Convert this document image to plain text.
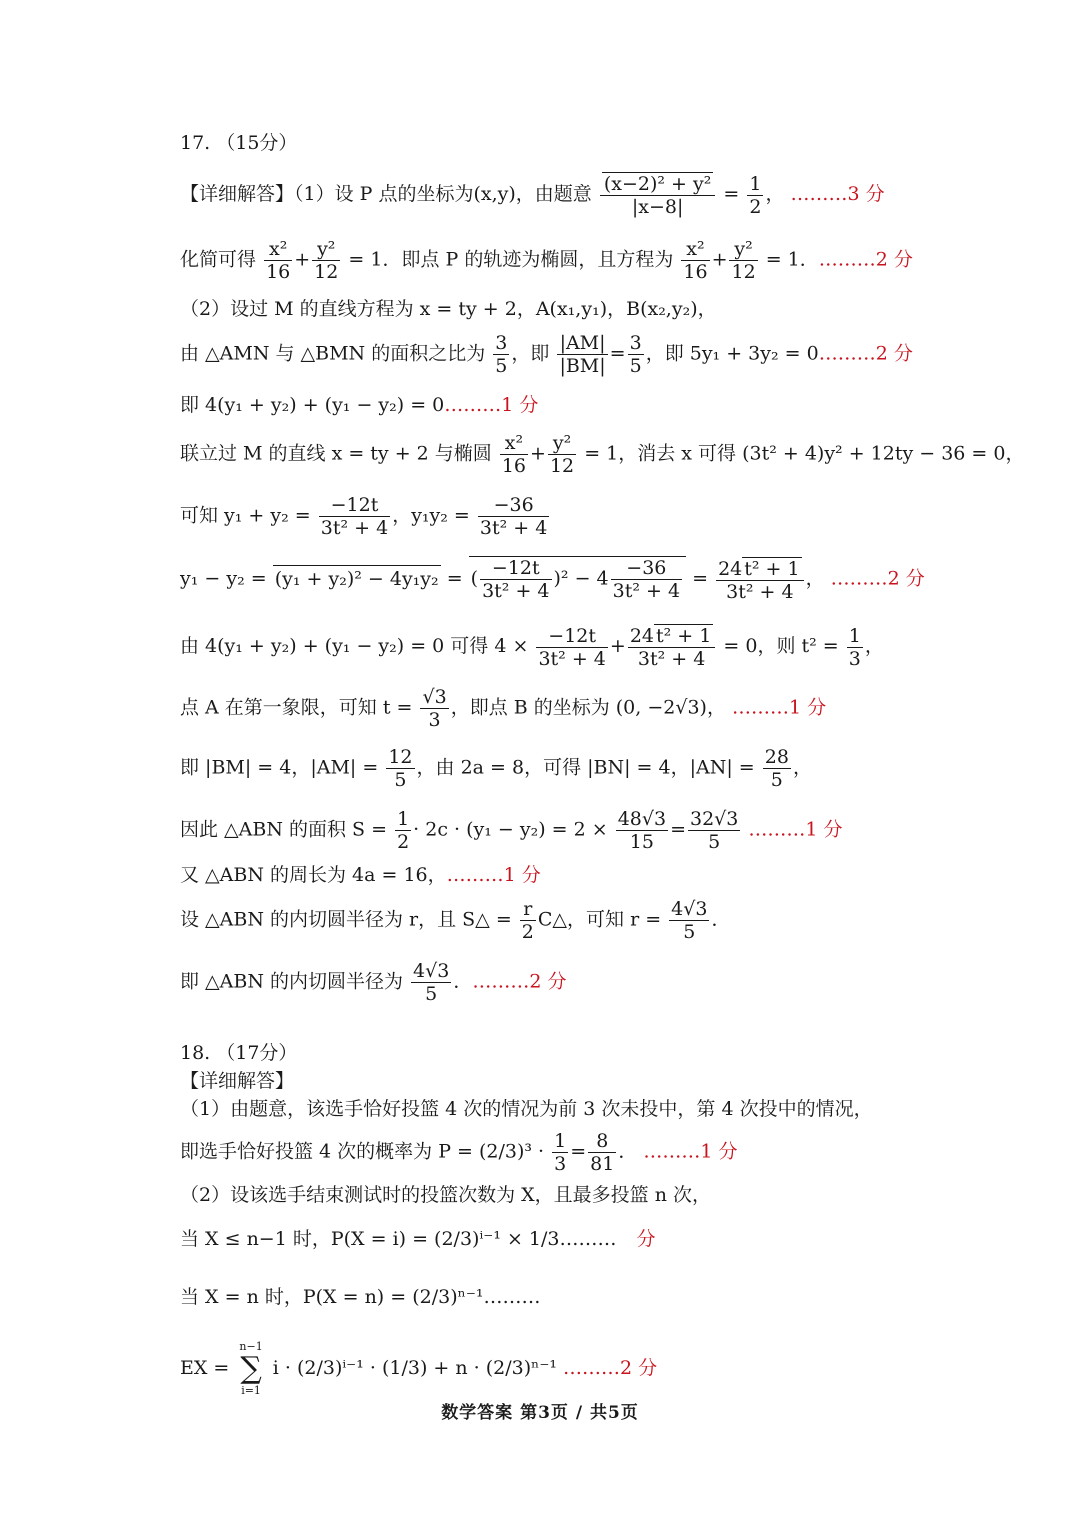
17. （15分）
【详细解答】（1）设 P 点的坐标为(x,y)，由题意 $\frac{\text{(x−2)² + y²}}{|x-8|} = \frac{1}{2}$ ， ………3 分
化简可得 $\frac{\text{x²}}{16} + \frac{\text{y²}}{12} = 1$．即点 P 的轨迹为椭圆，且方程为 $\frac{\text{x²}}{16} + \frac{\text{y²}}{12} = 1$．………2 分
（2）设过 M 的直线方程为 x = ty + 2，A(x₁,y₁)，B(x₂,y₂)，
由 △AMN 与 △BMN 的面积之比为 $\frac{3}{5}$ ，即 $\frac{|AM|}{|BM|} = \frac{3}{5}$ ，即 5y₁ + 3y₂ = 0………2 分
即 4(y₁ + y₂) + (y₁ − y₂) = 0………1 分
联立过 M 的直线 x = ty + 2 与椭圆 $\frac{\text{x²}}{16} + \frac{\text{y²}}{12} = 1$，消去 x 可得 (3t² + 4)y² + 12ty − 36 = 0，
可知 $y_1 + y_2 = \frac{-12t}{\text{3t² + 4}}$ ，$y_1y_2 = \frac{-36}{\text{3t² + 4}}$
y₁ − y₂ = (y₁ + y₂)² − 4y₁y₂ = ( $\frac{-12t}{\text{3t² + 4}} )^2 - 4 \frac{-36}{\text{3t² + 4}} = \frac{\text{24 t² + 1}}{\text{3t² + 4}}$ ， ………2 分
由 4(y₁ + y₂) + (y₁ − y₂) = 0 可得 $4 \times \frac{-12t}{\text{3t² + 4}} + \frac{\text{24 t² + 1}}{\text{3t² + 4}} = 0$，则 $t^2 = \frac{1}{3}$ ，
点 A 在第一象限，可知 $t = \frac{√3}{3}$ ，即点 B 的坐标为 (0, −2√3)， ………1 分
即 |BM| = 4，$|AM| = \frac{12}{5}$ ，由 2a = 8，可得 |BN| = 4，$|AN| = \frac{28}{5}$ ，
因此 △ABN 的面积 $S = \frac{1}{2} \cdot 2c \cdot (y_1 - y_2) = 2 \times \frac{48√3}{15} = \frac{32√3}{5}$ ………1 分
又 △ABN 的周长为 4a = 16，………1 分
设 △ABN 的内切圆半径为 r，且 S△ = $\frac{r}{2}$ C△，可知 $r = \frac{4√3}{5}$ ．
即 △ABN 的内切圆半径为 $\frac{4√3}{5}$ ．………2 分
18. （17分）
【详细解答】
（1）由题意，该选手恰好投篮 4 次的情况为前 3 次未投中，第 4 次投中的情况，
即选手恰好投篮 4 次的概率为 $P = (2/3)^3 \cdot \frac{1}{3} = \frac{8}{81}$ ． ………1 分
（2）设该选手结束测试时的投篮次数为 X，且最多投篮 n 次，
当 X ≤ n−1 时，P(X = i) = (2/3)ⁱ⁻¹ × 1/3……… 分
当 X = n 时，P(X = n) = (2/3)ⁿ⁻¹………
EX =
n−1
∑
i=1
i · (2/3)ⁱ⁻¹ · (1/3) + n · (2/3)ⁿ⁻¹ ………2 分
数学答案 第3页 / 共5页
